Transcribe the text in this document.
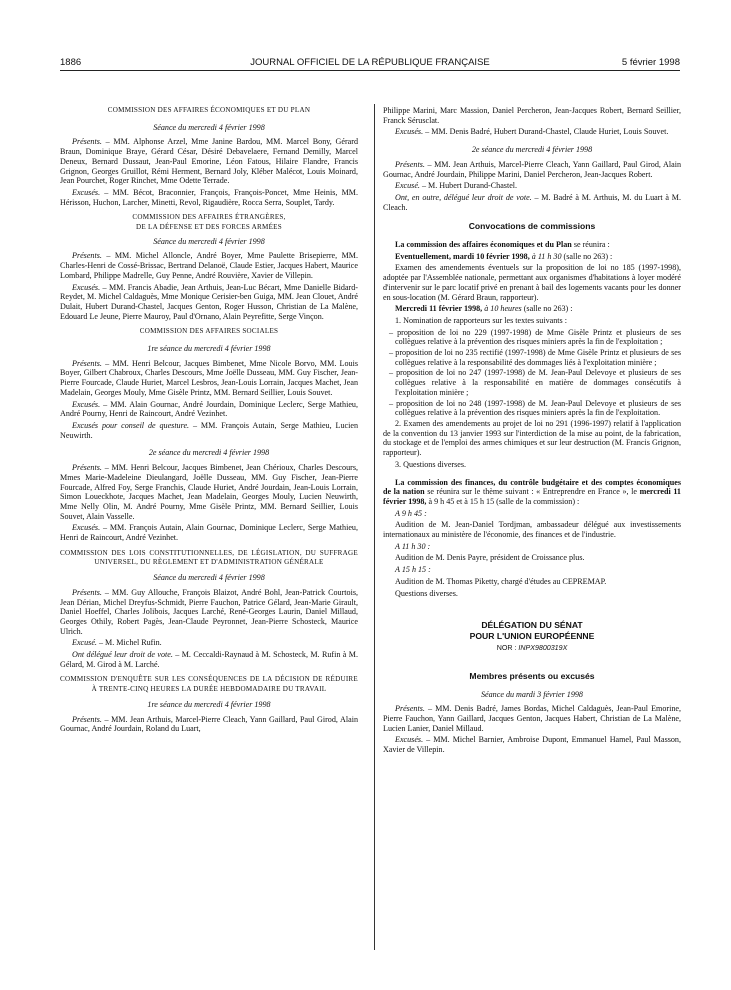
1886	JOURNAL OFFICIEL DE LA RÉPUBLIQUE FRANÇAISE	5 février 1998
COMMISSION DES AFFAIRES ÉCONOMIQUES ET DU PLAN
Séance du mercredi 4 février 1998

Présents. – MM. Alphonse Arzel, Mme Janine Bardou, MM. Marcel Bony, Gérard Braun, Dominique Braye, Gérard César, Désiré Debavelaere, Fernand Demilly, Marcel Deneux, Bernard Dussaut, Jean-Paul Emorine, Léon Fatous, Hilaire Flandre, Francis Grignon, Georges Gruillot, Rémi Herment, Bernard Joly, Kléber Malécot, Louis Moinard, Jean Pourchet, Roger Rinchet, Mme Odette Terrade.

Excusés. – MM. Bécot, Braconnier, François, François-Poncet, Mme Heinis, MM. Hérisson, Huchon, Larcher, Minetti, Revol, Rigaudière, Rocca Serra, Souplet, Tardy.

COMMISSION DES AFFAIRES ÉTRANGÈRES,
DE LA DÉFENSE ET DES FORCES ARMÉES
Séance du mercredi 4 février 1998

Présents. – MM. Michel Alloncle, André Boyer, Mme Paulette Brisepierre, MM. Charles-Henri de Cossé-Brissac, Bertrand Delanoë, Claude Estier, Jacques Habert, Maurice Lombard, Philippe Madrelle, Guy Penne, André Rouvière, Xavier de Villepin.

Excusés. – MM. Francis Abadie, Jean Arthuis, Jean-Luc Bécart, Mme Danielle Bidard-Reydet, M. Michel Caldaguès, Mme Monique Cerisier-ben Guiga, MM. Jean Clouet, André Dulait, Hubert Durand-Chastel, Jacques Genton, Roger Husson, Christian de La Malène, Edouard Le Jeune, Pierre Mauroy, Paul d'Ornano, Alain Peyrefitte, Serge Vinçon.

COMMISSION DES AFFAIRES SOCIALES
1re séance du mercredi 4 février 1998

Présents. – MM. Henri Belcour, Jacques Bimbenet, Mme Nicole Borvo, MM. Louis Boyer, Gilbert Chabroux, Charles Descours, Mme Joëlle Dusseau, MM. Guy Fischer, Jean-Pierre Fourcade, Claude Huriet, Marcel Lesbros, Jean-Louis Lorrain, Jacques Machet, Jean Madelain, Georges Mouly, Mme Gisèle Printz, MM. Bernard Seillier, Louis Souvet.

Excusés. – MM. Alain Gournac, André Jourdain, Dominique Leclerc, Serge Mathieu, André Pourny, Henri de Raincourt, André Vezinhet.

Excusés pour conseil de questure. – MM. François Autain, Serge Mathieu, Lucien Neuwirth.

2e séance du mercredi 4 février 1998

Présents. – MM. Henri Belcour, Jacques Bimbenet, Jean Chérioux, Charles Descours, Mmes Marie-Madeleine Dieulangard, Joëlle Dusseau, MM. Guy Fischer, Jean-Pierre Fourcade, Alfred Foy, Serge Franchis, Claude Huriet, André Jourdain, Jean-Louis Lorrain, Simon Loueckhote, Jacques Machet, Jean Madelain, Georges Mouly, Lucien Neuwirth, Mme Nelly Olin, M. André Pourny, Mme Gisèle Printz, MM. Bernard Seillier, Louis Souvet, Alain Vasselle.

Excusés. – MM. François Autain, Alain Gournac, Dominique Leclerc, Serge Mathieu, Henri de Raincourt, André Vezinhet.

COMMISSION DES LOIS CONSTITUTIONNELLES, DE LÉGISLATION, DU SUFFRAGE UNIVERSEL, DU RÈGLEMENT ET D'ADMINISTRATION GÉNÉRALE
Séance du mercredi 4 février 1998

Présents. – MM. Guy Allouche, François Blaizot, André Bohl, Jean-Patrick Courtois, Jean Dérian, Michel Dreyfus-Schmidt, Pierre Fauchon, Patrice Gélard, Jean-Marie Girault, Daniel Hoeffel, Charles Jolibois, Jacques Larché, René-Georges Laurin, Daniel Millaud, Georges Othily, Robert Pagès, Jean-Claude Peyronnet, Jean-Pierre Schosteck, Maurice Ulrich.

Excusé. – M. Michel Rufin.

Ont délégué leur droit de vote. – M. Ceccaldi-Raynaud à M. Schosteck, M. Rufin à M. Gélard, M. Girod à M. Larché.

COMMISSION D'ENQUÊTE SUR LES CONSÉQUENCES DE LA DÉCISION DE RÉDUIRE À TRENTE-CINQ HEURES LA DURÉE HEBDOMADAIRE DU TRAVAIL
1re séance du mercredi 4 février 1998

Présents. – MM. Jean Arthuis, Marcel-Pierre Cleach, Yann Gaillard, Paul Girod, Alain Gournac, André Jourdain, Roland du Luart,

Philippe Marini, Marc Massion, Daniel Percheron, Jean-Jacques Robert, Bernard Seillier, Franck Sérusclat.

Excusés. – MM. Denis Badré, Hubert Durand-Chastel, Claude Huriet, Louis Souvet.

2e séance du mercredi 4 février 1998

Présents. – MM. Jean Arthuis, Marcel-Pierre Cleach, Yann Gaillard, Paul Girod, Alain Gournac, André Jourdain, Philippe Marini, Daniel Percheron, Jean-Jacques Robert.

Excusé. – M. Hubert Durand-Chastel.

Ont, en outre, délégué leur droit de vote. – M. Badré à M. Arthuis, M. du Luart à M. Cleach.

Convocations de commissions

La commission des affaires économiques et du Plan se réunira :

Eventuellement, mardi 10 février 1998, à 11 h 30 (salle no 263) :

Examen des amendements éventuels sur la proposition de loi no 185 (1997-1998), adoptée par l'Assemblée nationale, permettant aux organismes d'habitations à loyer modéré d'intervenir sur le parc locatif privé en prenant à bail des logements vacants pour les donner en sous-location (M. Gérard Braun, rapporteur).

Mercredi 11 février 1998, à 10 heures (salle no 263) :

1. Nomination de rapporteurs sur les textes suivants :

– proposition de loi no 229 (1997-1998) de Mme Gisèle Printz et plusieurs de ses collègues relative à la prévention des risques miniers après la fin de l'exploitation ;
– proposition de loi no 235 rectifié (1997-1998) de Mme Gisèle Printz et plusieurs de ses collègues relative à la responsabilité des dommages liés à l'exploitation minière ;
– proposition de loi no 247 (1997-1998) de M. Jean-Paul Delevoye et plusieurs de ses collègues relative à la responsabilité en matière de dommages consécutifs à l'exploitation minière ;
– proposition de loi no 248 (1997-1998) de M. Jean-Paul Delevoye et plusieurs de ses collègues relative à la prévention des risques miniers après la fin de l'exploitation.

2. Examen des amendements au projet de loi no 291 (1996-1997) relatif à l'application de la convention du 13 janvier 1993 sur l'interdiction de la mise au point, de la fabrication, du stockage et de l'emploi des armes chimiques et sur leur destruction (M. Francis Grignon, rapporteur).

3. Questions diverses.

La commission des finances, du contrôle budgétaire et des comptes économiques de la nation se réunira sur le thème suivant : « Entreprendre en France », le mercredi 11 février 1998, à 9 h 45 et à 15 h 15 (salle de la commission) :

A 9 h 45 :

Audition de M. Jean-Daniel Tordjman, ambassadeur délégué aux investissements internationaux au ministère de l'économie, des finances et de l'industrie.

A 11 h 30 :

Audition de M. Denis Payre, président de Croissance plus.

A 15 h 15 :

Audition de M. Thomas Piketty, chargé d'études au CEPREMAP.

Questions diverses.

DÉLÉGATION DU SÉNAT
POUR L'UNION EUROPÉENNE
NOR : INPX9800319X
Membres présents ou excusés
Séance du mardi 3 février 1998

Présents. – MM. Denis Badré, James Bordas, Michel Caldaguès, Jean-Paul Emorine, Pierre Fauchon, Yann Gaillard, Jacques Genton, Jacques Habert, Christian de La Malène, Lucien Lanier, Daniel Millaud.

Excusés. – MM. Michel Barnier, Ambroise Dupont, Emmanuel Hamel, Paul Masson, Xavier de Villepin.
